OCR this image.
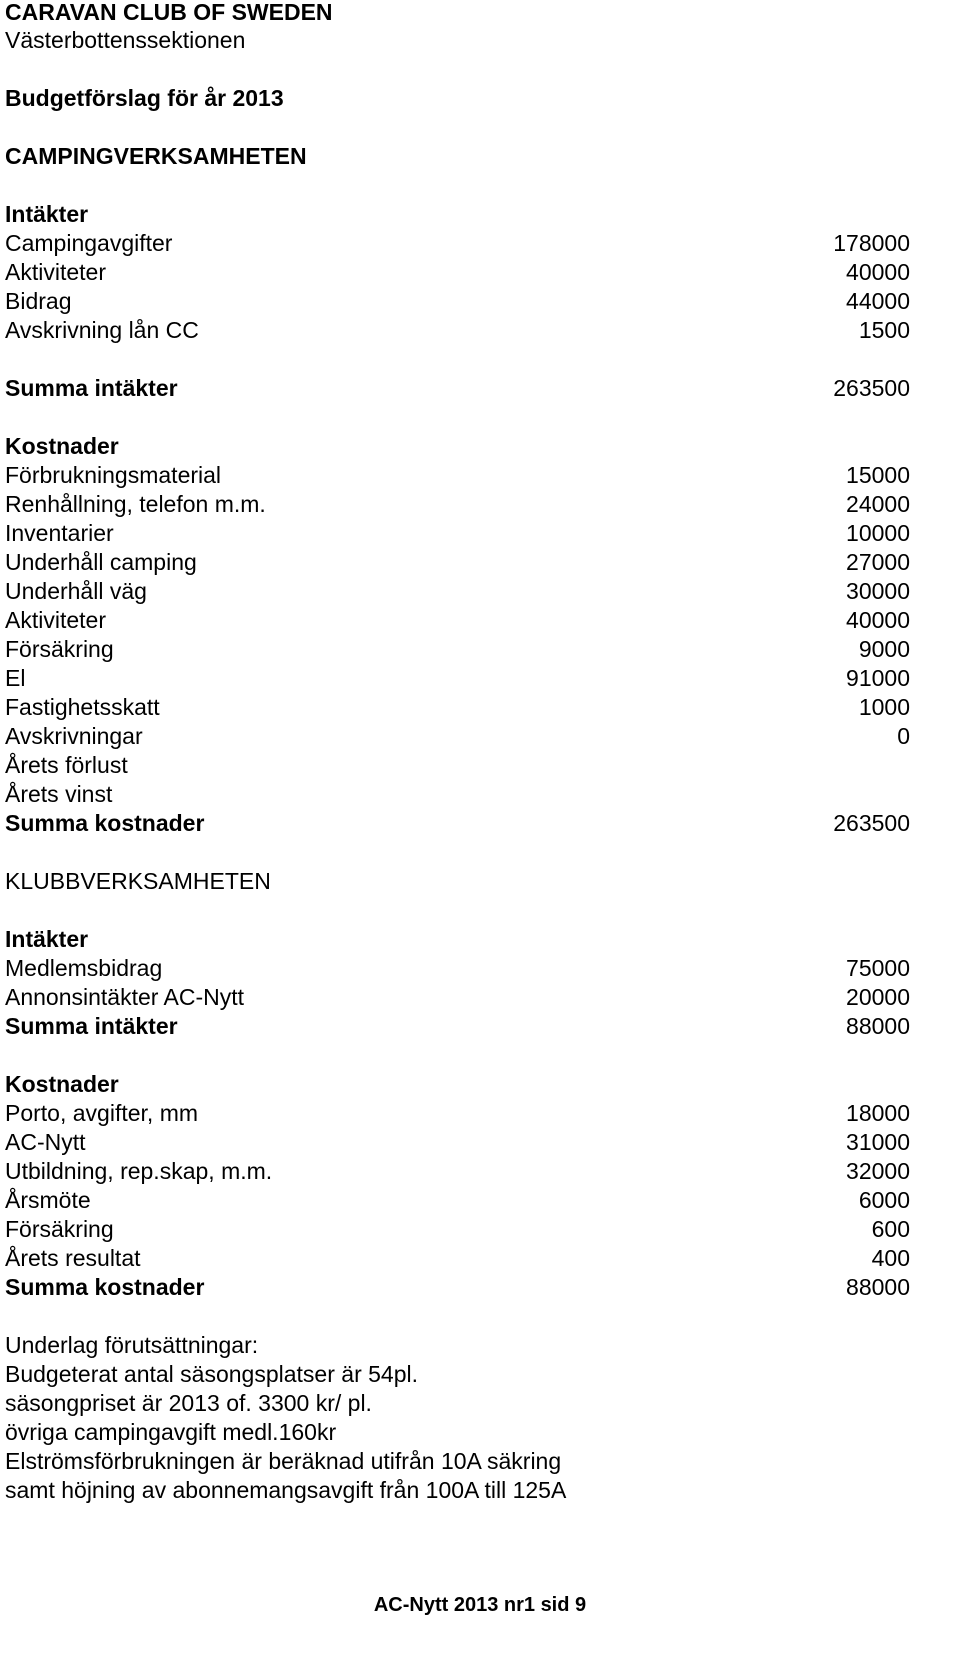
CARAVAN CLUB OF SWEDEN
Västerbottenssektionen
Budgetförslag för år 2013
CAMPINGVERKSAMHETEN
Intäkter
Campingavgifter	178000
Aktiviteter	40000
Bidrag	44000
Avskrivning lån CC	1500
Summa intäkter	263500
Kostnader
Förbrukningsmaterial	15000
Renhållning, telefon m.m.	24000
Inventarier	10000
Underhåll camping	27000
Underhåll väg	30000
Aktiviteter	40000
Försäkring	9000
El	91000
Fastighetsskatt	1000
Avskrivningar	0
Årets förlust
Årets vinst
Summa kostnader	263500
KLUBBVERKSAMHETEN
Intäkter
Medlemsbidrag	75000
Annonsintäkter AC-Nytt	20000
Summa intäkter	88000
Kostnader
Porto, avgifter, mm	18000
AC-Nytt	31000
Utbildning, rep.skap, m.m.	32000
Årsmöte	6000
Försäkring	600
Årets resultat	400
Summa kostnader	88000
Underlag förutsättningar:
Budgeterat antal säsongsplatser är 54pl.
säsongpriset är 2013 of. 3300 kr/ pl.
övriga campingavgift medl.160kr
Elströmsförbrukningen är beräknad utifrån 10A säkring
samt höjning av abonnemangsavgift från 100A till 125A
AC-Nytt 2013 nr1 sid 9
